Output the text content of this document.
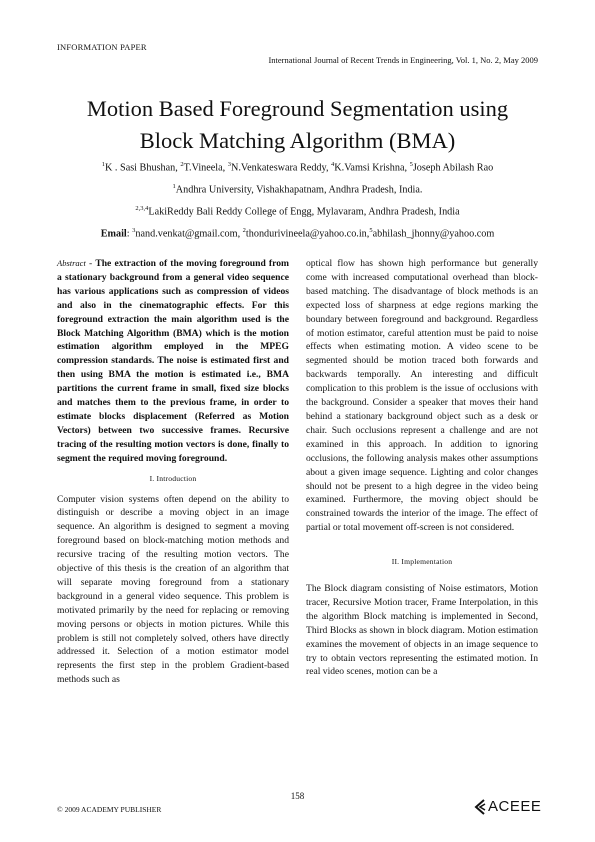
INFORMATION PAPER
International Journal of Recent Trends in Engineering, Vol. 1, No. 2, May 2009
Motion Based Foreground Segmentation using
Block Matching Algorithm (BMA)
$^1$K . Sasi Bhushan, $^2$T.Vineela, $^3$N.Venkateswara Reddy, $^4$K.Vamsi Krishna, $^5$Joseph Abilash Rao
$^1$Andhra University, Vishakhapatnam, Andhra Pradesh, India.
$^{2,3,4}$LakiReddy Bali Reddy College of Engg, Mylavaram, Andhra Pradesh, India
Email: $^3$nand.venkat@gmail.com, $^2$thondurivineela@yahoo.co.in,$^5$abhilash_jhonny@yahoo.com

Abstract - The extraction of the moving foreground from a stationary background from a general video sequence has various applications such as compression of videos and also in the cinematographic effects. For this foreground extraction the main algorithm used is the Block Matching Algorithm (BMA) which is the motion estimation algorithm employed in the MPEG compression standards. The noise is estimated first and then using BMA the motion is estimated i.e., BMA partitions the current frame in small, fixed size blocks and matches them to the previous frame, in order to estimate blocks displacement (Referred as Motion Vectors) between two successive frames. Recursive tracing of the resulting motion vectors is done, finally to segment the required moving foreground.

I. Introduction

Computer vision systems often depend on the ability to distinguish or describe a moving object in an image sequence. An algorithm is designed to segment a moving foreground based on block-matching motion methods and recursive tracing of the resulting motion vectors. The objective of this thesis is the creation of an algorithm that will separate moving foreground from a stationary background in a general video sequence. This problem is motivated primarily by the need for replacing or removing moving persons or objects in motion pictures. While this problem is still not completely solved, others have directly addressed it. Selection of a motion estimator model represents the first step in the problem Gradient-based methods such as

optical flow has shown high performance but generally come with increased computational overhead than block-based matching. The disadvantage of block methods is an expected loss of sharpness at edge regions marking the boundary between foreground and background. Regardless of motion estimator, careful attention must be paid to noise effects when estimating motion. A video scene to be segmented should be motion traced both forwards and backwards temporally. An interesting and difficult complication to this problem is the issue of occlusions with the background. Consider a speaker that moves their hand behind a stationary background object such as a desk or chair. Such occlusions represent a challenge and are not examined in this approach. In addition to ignoring occlusions, the following analysis makes other assumptions about a given image sequence. Lighting and color changes should not be present to a high degree in the video being examined. Furthermore, the moving object should be constrained towards the interior of the image. The effect of partial or total movement off-screen is not considered.

II. Implementation

The Block diagram consisting of Noise estimators, Motion tracer, Recursive Motion tracer, Frame Interpolation, in this the algorithm Block matching is implemented in Second, Third Blocks as shown in block diagram. Motion estimation examines the movement of objects in an image sequence to try to obtain vectors representing the estimated motion. In real video scenes, motion can be a

158
© 2009 ACADEMY PUBLISHER	ACEEE
